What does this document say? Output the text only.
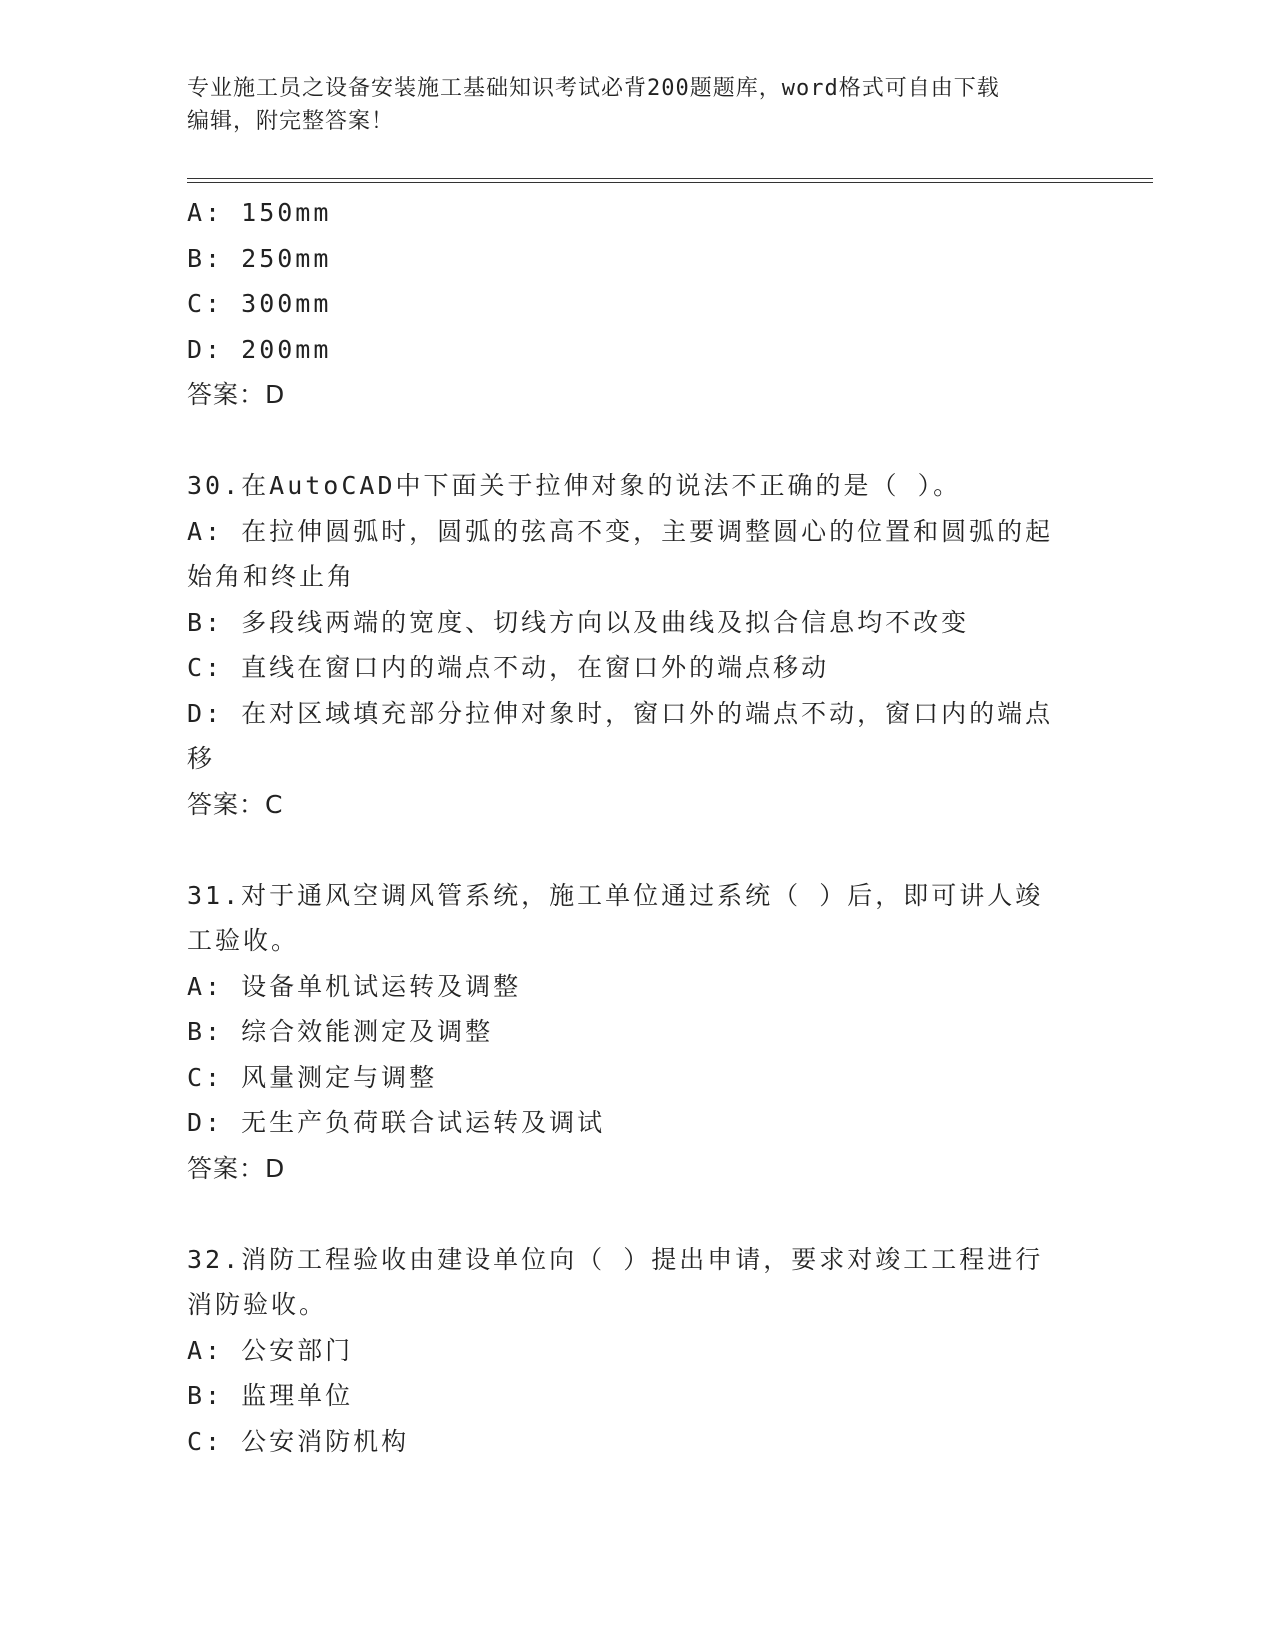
专业施工员之设备安装施工基础知识考试必背200题题库，word格式可自由下载
编辑，附完整答案！
A: 150mm
B: 250mm
C: 300mm
D: 200mm
答案：D
30.在AutoCAD中下面关于拉伸对象的说法不正确的是（ ）。
A: 在拉伸圆弧时，圆弧的弦高不变，主要调整圆心的位置和圆弧的起
始角和终止角
B: 多段线两端的宽度、切线方向以及曲线及拟合信息均不改变
C: 直线在窗口内的端点不动，在窗口外的端点移动
D: 在对区域填充部分拉伸对象时，窗口外的端点不动，窗口内的端点
移
答案：C
31.对于通风空调风管系统，施工单位通过系统（ ）后，即可讲人竣
工验收。
A: 设备单机试运转及调整
B: 综合效能测定及调整
C: 风量测定与调整
D: 无生产负荷联合试运转及调试
答案：D
32.消防工程验收由建设单位向（ ）提出申请，要求对竣工工程进行
消防验收。
A: 公安部门
B: 监理单位
C: 公安消防机构
